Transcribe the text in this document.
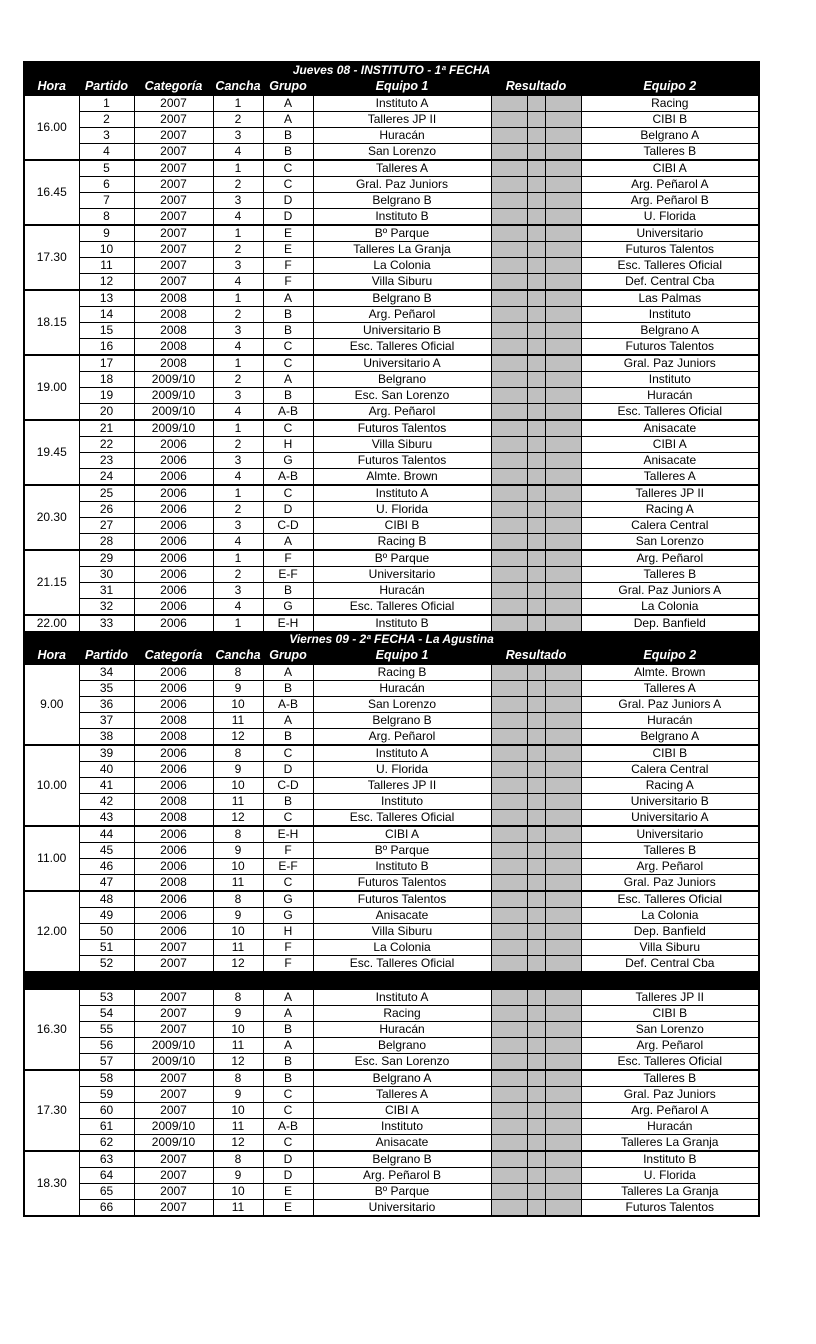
Jueves 08 - INSTITUTO - 1ª FECHA									
Hora	Partido	Categoría	Cancha	Grupo	Equipo 1	Resultado			Equipo 2
16.00	1	2007	1	A	Instituto A				Racing
	2	2007	2	A	Talleres JP II				CIBI B
	3	2007	3	B	Huracán				Belgrano A
	4	2007	4	B	San Lorenzo				Talleres B
16.45	5	2007	1	C	Talleres A				CIBI A
	6	2007	2	C	Gral. Paz Juniors				Arg. Peñarol A
	7	2007	3	D	Belgrano B				Arg. Peñarol B
	8	2007	4	D	Instituto B				U. Florida
17.30	9	2007	1	E	Bº Parque				Universitario
	10	2007	2	E	Talleres La Granja				Futuros Talentos
	11	2007	3	F	La Colonia				Esc. Talleres Oficial
	12	2007	4	F	Villa Siburu				Def. Central Cba
18.15	13	2008	1	A	Belgrano B				Las Palmas
	14	2008	2	B	Arg. Peñarol				Instituto
	15	2008	3	B	Universitario B				Belgrano A
	16	2008	4	C	Esc. Talleres Oficial				Futuros Talentos
19.00	17	2008	1	C	Universitario A				Gral. Paz Juniors
	18	2009/10	2	A	Belgrano				Instituto
	19	2009/10	3	B	Esc. San Lorenzo				Huracán
	20	2009/10	4	A-B	Arg. Peñarol				Esc. Talleres Oficial
19.45	21	2009/10	1	C	Futuros Talentos				Anisacate
	22	2006	2	H	Villa Siburu				CIBI A
	23	2006	3	G	Futuros Talentos				Anisacate
	24	2006	4	A-B	Almte. Brown				Talleres A
20.30	25	2006	1	C	Instituto A				Talleres JP II
	26	2006	2	D	U. Florida				Racing A
	27	2006	3	C-D	CIBI B				Calera Central
	28	2006	4	A	Racing B				San Lorenzo
21.15	29	2006	1	F	Bº Parque				Arg. Peñarol
	30	2006	2	E-F	Universitario				Talleres B
	31	2006	3	B	Huracán				Gral. Paz Juniors A
	32	2006	4	G	Esc. Talleres Oficial				La Colonia
22.00	33	2006	1	E-H	Instituto B				Dep. Banfield
Viernes 09 - 2ª FECHA - La Agustina									
Hora	Partido	Categoría	Cancha	Grupo	Equipo 1	Resultado			Equipo 2
9.00	34	2006	8	A	Racing B				Almte. Brown
	35	2006	9	B	Huracán				Talleres A
	36	2006	10	A-B	San Lorenzo				Gral. Paz Juniors A
	37	2008	11	A	Belgrano B				Huracán
	38	2008	12	B	Arg. Peñarol				Belgrano A
10.00	39	2006	8	C	Instituto A				CIBI B
	40	2006	9	D	U. Florida				Calera Central
	41	2006	10	C-D	Talleres JP II				Racing A
	42	2008	11	B	Instituto				Universitario B
	43	2008	12	C	Esc. Talleres Oficial				Universitario A
11.00	44	2006	8	E-H	CIBI A				Universitario
	45	2006	9	F	Bº Parque				Talleres B
	46	2006	10	E-F	Instituto B				Arg. Peñarol
	47	2008	11	C	Futuros Talentos				Gral. Paz Juniors
12.00	48	2006	8	G	Futuros Talentos				Esc. Talleres Oficial
	49	2006	9	G	Anisacate				La Colonia
	50	2006	10	H	Villa Siburu				Dep. Banfield
	51	2007	11	F	La Colonia				Villa Siburu
	52	2007	12	F	Esc. Talleres Oficial				Def. Central Cba

16.30	53	2007	8	A	Instituto A				Talleres JP II
	54	2007	9	A	Racing				CIBI B
	55	2007	10	B	Huracán				San Lorenzo
	56	2009/10	11	A	Belgrano				Arg. Peñarol
	57	2009/10	12	B	Esc. San Lorenzo				Esc. Talleres Oficial
17.30	58	2007	8	B	Belgrano A				Talleres B
	59	2007	9	C	Talleres A				Gral. Paz Juniors
	60	2007	10	C	CIBI A				Arg. Peñarol A
	61	2009/10	11	A-B	Instituto				Huracán
	62	2009/10	12	C	Anisacate				Talleres La Granja
18.30	63	2007	8	D	Belgrano B				Instituto B
	64	2007	9	D	Arg. Peñarol B				U. Florida
	65	2007	10	E	Bº Parque				Talleres La Granja
	66	2007	11	E	Universitario				Futuros Talentos
